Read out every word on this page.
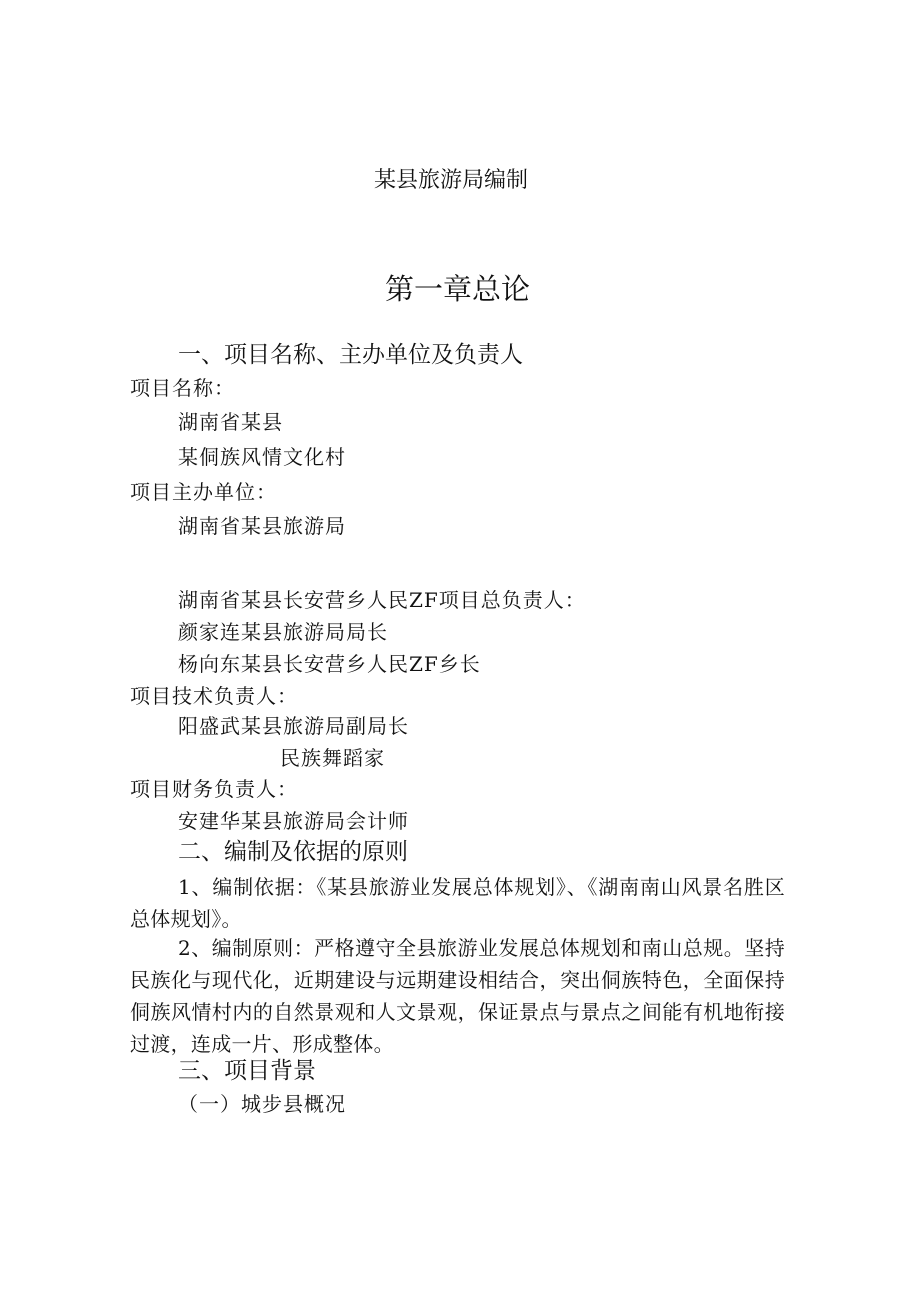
某县旅游局编制
第一章总论
一、项目名称、主办单位及负责人
项目名称：
湖南省某县
某侗族风情文化村
项目主办单位：
湖南省某县旅游局
湖南省某县长安营乡人民ZF项目总负责人：
颜家连某县旅游局局长
杨向东某县长安营乡人民ZF乡长
项目技术负责人：
阳盛武某县旅游局副局长
民族舞蹈家
项目财务负责人：
安建华某县旅游局会计师
二、编制及依据的原则
1、编制依据：《某县旅游业发展总体规划》、《湖南南山风景名胜区总体规划》。
2、编制原则：严格遵守全县旅游业发展总体规划和南山总规。坚持民族化与现代化，近期建设与远期建设相结合，突出侗族特色，全面保持侗族风情村内的自然景观和人文景观，保证景点与景点之间能有机地衔接过渡，连成一片、形成整体。
三、项目背景
（一）城步县概况
